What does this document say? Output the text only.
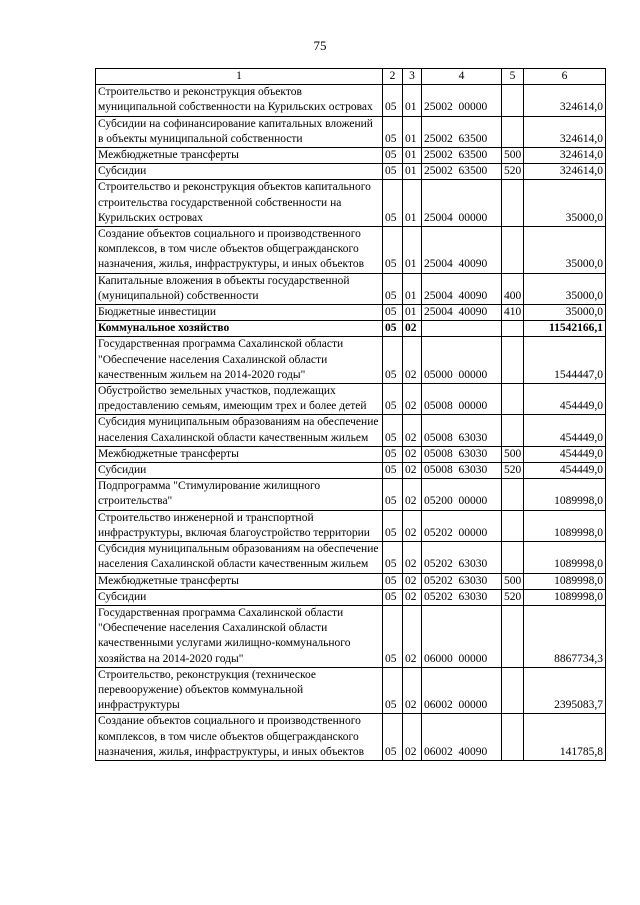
75
1	2	3	4	5	6
Строительство и реконструкция объектов муниципальной собственности на Курильских островах	05	01	25002  00000		324614,0
Субсидии на софинансирование капитальных вложений в объекты муниципальной собственности	05	01	25002  63500		324614,0
Межбюджетные трансферты	05	01	25002  63500	500	324614,0
Субсидии	05	01	25002  63500	520	324614,0
Строительство и реконструкция объектов капитального строительства государственной собственности на Курильских островах	05	01	25004  00000		35000,0
Создание объектов социального и производственного комплексов, в том числе объектов общегражданского назначения, жилья, инфраструктуры, и иных объектов	05	01	25004  40090		35000,0
Капитальные вложения в объекты государственной (муниципальной) собственности	05	01	25004  40090	400	35000,0
Бюджетные инвестиции	05	01	25004  40090	410	35000,0
Коммунальное хозяйство	05	02			11542166,1
Государственная программа Сахалинской области "Обеспечение населения Сахалинской области качественным жильем на 2014-2020 годы"	05	02	05000  00000		1544447,0
Обустройство земельных участков, подлежащих предоставлению семьям, имеющим трех и более детей	05	02	05008  00000		454449,0
Субсидия муниципальным образованиям на обеспечение населения Сахалинской области качественным жильем	05	02	05008  63030		454449,0
Межбюджетные трансферты	05	02	05008  63030	500	454449,0
Субсидии	05	02	05008  63030	520	454449,0
Подпрограмма "Стимулирование жилищного строительства"	05	02	05200  00000		1089998,0
Строительство инженерной и транспортной инфраструктуры, включая благоустройство территории	05	02	05202  00000		1089998,0
Субсидия муниципальным образованиям на обеспечение населения Сахалинской области качественным жильем	05	02	05202  63030		1089998,0
Межбюджетные трансферты	05	02	05202  63030	500	1089998,0
Субсидии	05	02	05202  63030	520	1089998,0
Государственная программа Сахалинской области "Обеспечение населения Сахалинской области качественными услугами жилищно-коммунального хозяйства на 2014-2020 годы"	05	02	06000  00000		8867734,3
Строительство, реконструкция (техническое перевооружение) объектов коммунальной инфраструктуры	05	02	06002  00000		2395083,7
Создание объектов социального и производственного комплексов, в том числе объектов общегражданского назначения, жилья, инфраструктуры, и иных объектов	05	02	06002  40090		141785,8
